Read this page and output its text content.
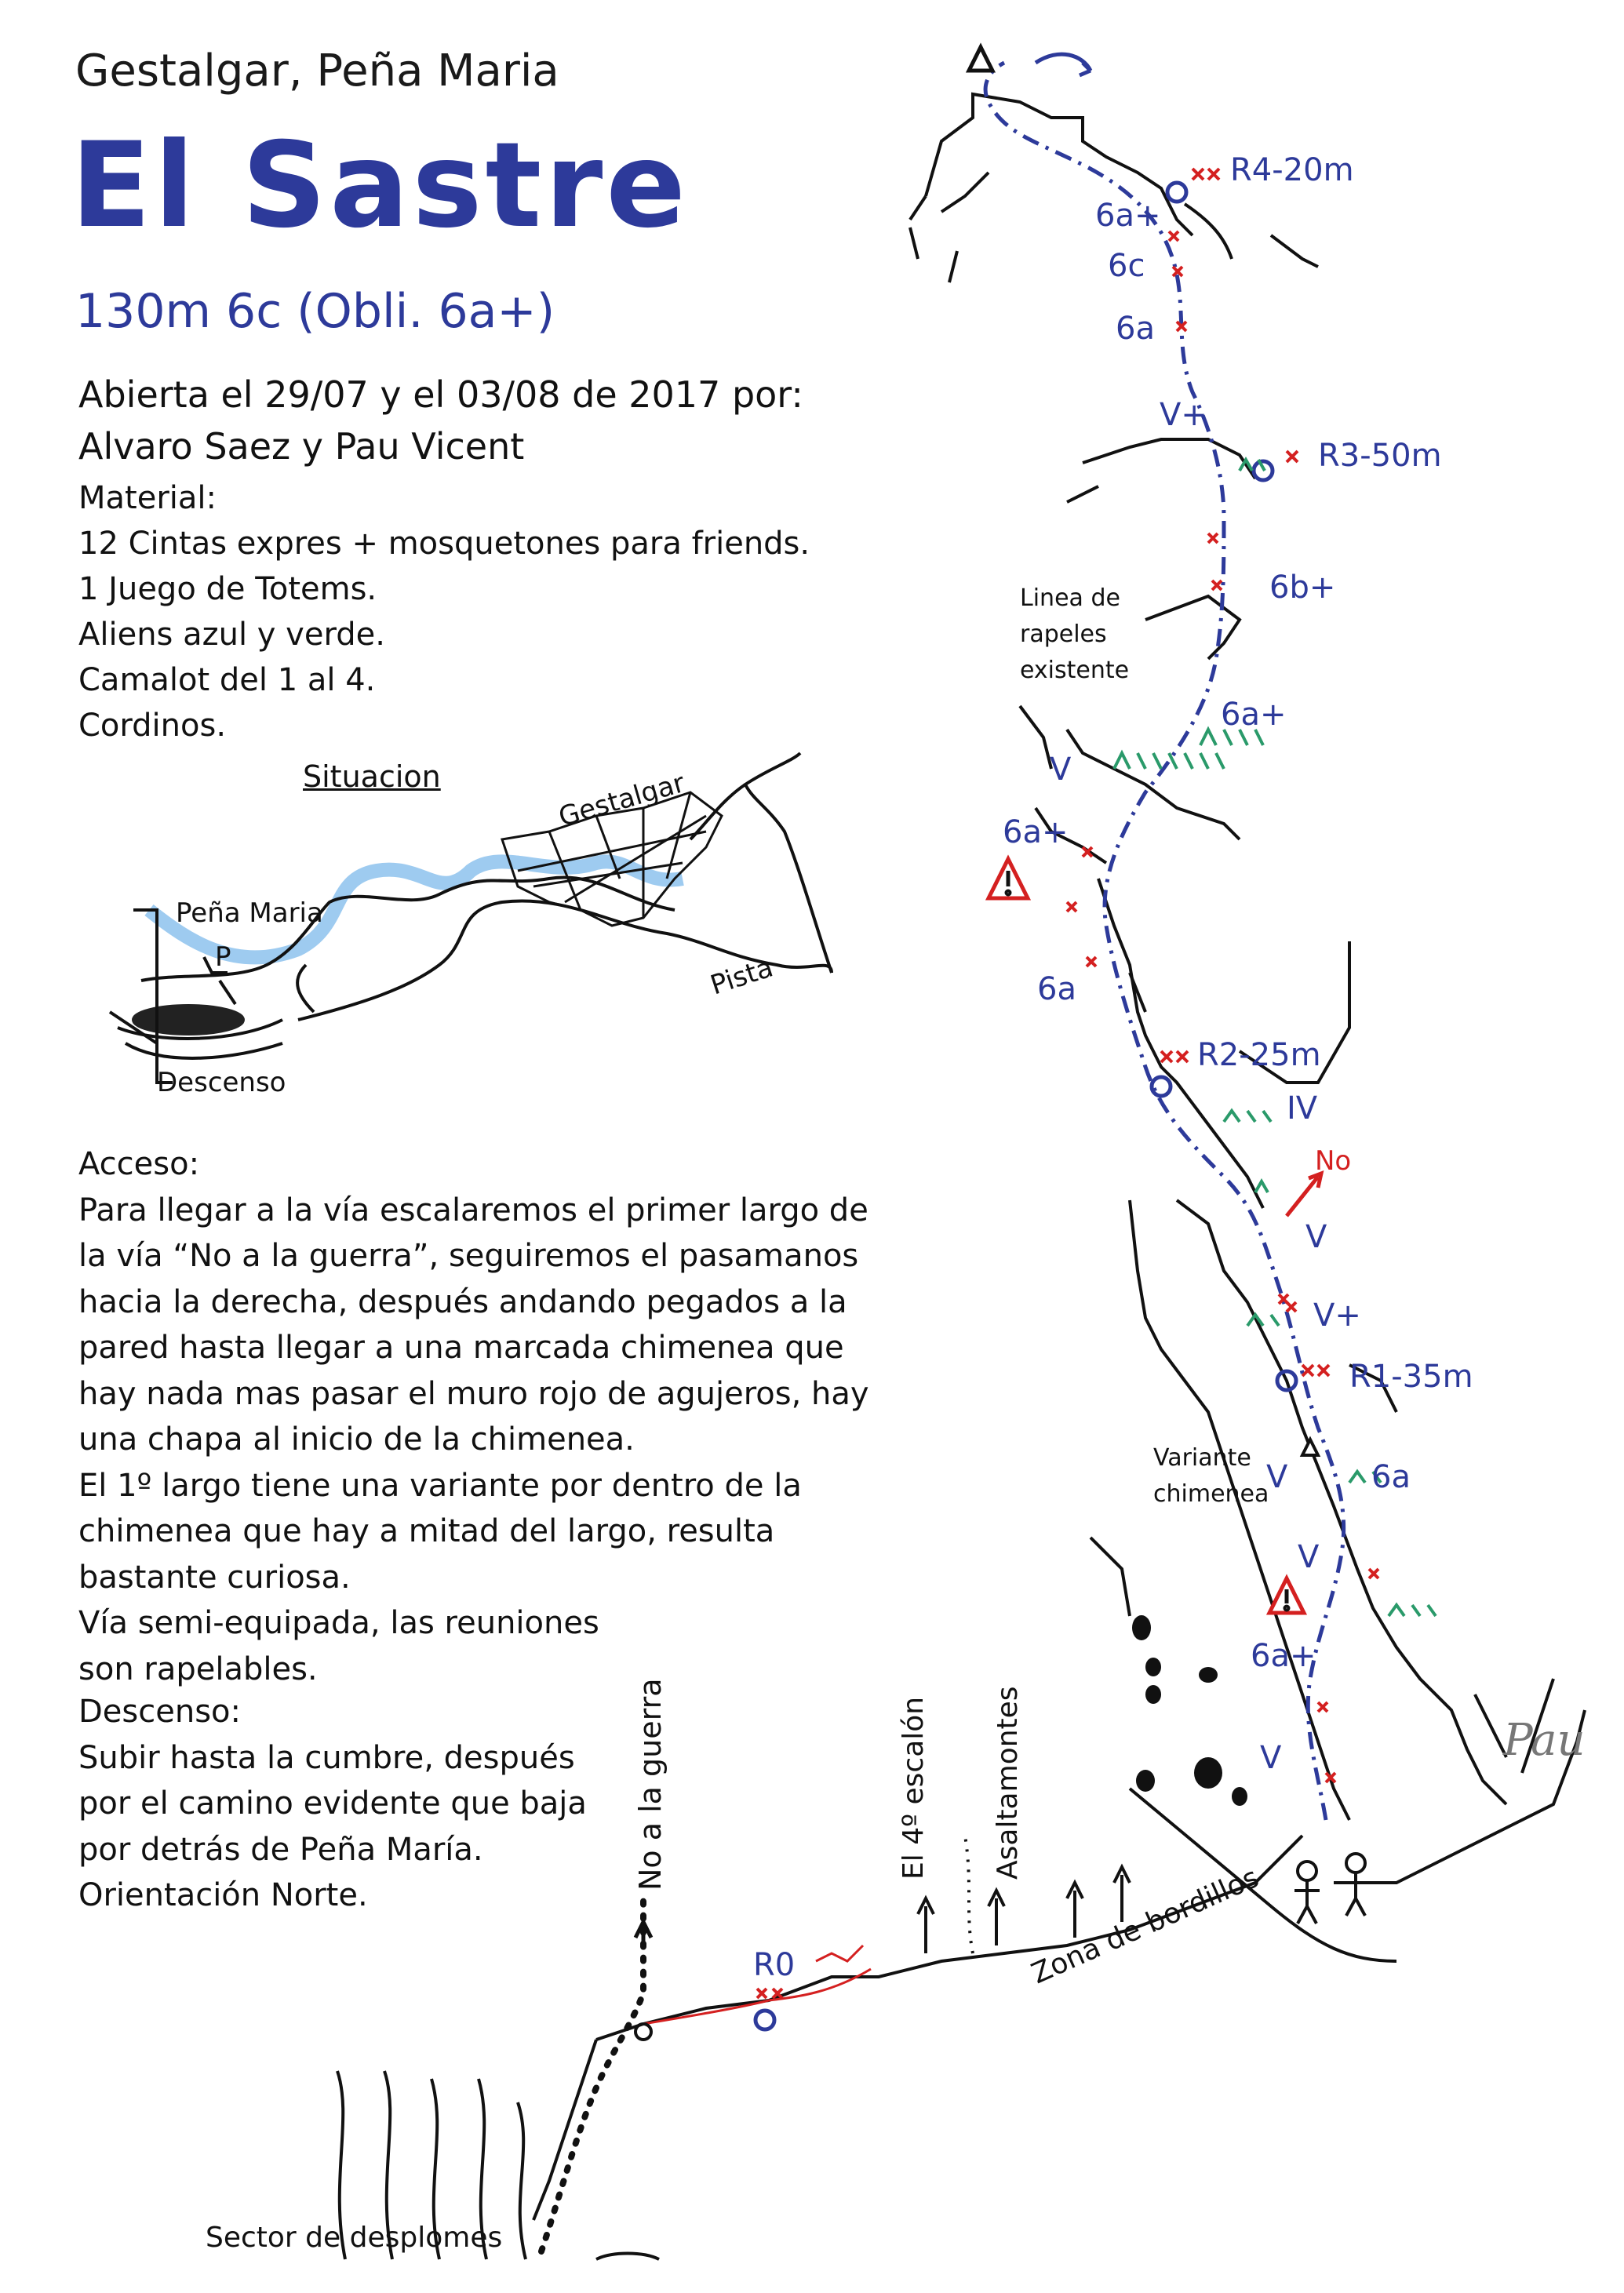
Gestalgar, Peña Maria
El Sastre
130m 6c (Obli. 6a+)
Abierta el 29/07 y el 03/08 de 2017 por:
Alvaro Saez y Pau Vicent
Material:
12 Cintas expres + mosquetones para friends.
1 Juego de Totems.
Aliens azul y verde.
Camalot del 1 al 4.
Cordinos.
Situacion	Gestalgar
Peña Maria
P
Descenso
Pista
Acceso:
Para llegar a la vía escalaremos el primer largo de
la vía “No a la guerra”, seguiremos el pasamanos
hacia la derecha, después andando pegados a la
pared hasta llegar a una marcada chimenea que
hay nada mas pasar el muro rojo de agujeros, hay
una chapa al inicio de la chimenea.
El 1º largo tiene una variante por dentro de la
chimenea que hay a mitad del largo, resulta
bastante curiosa.
Vía semi-equipada, las reuniones
son rapelables.
Descenso:
Subir hasta la cumbre, después
por el camino evidente que baja
por detrás de Peña María.
Orientación Norte.
R4-20m
R3-50m
R2-25m
R1-35m
R0
6a+
6c
6a
V+
6b+
6a+
V
6a+
6a
IV
V
V+
V	6a
V
6a+
V
Linea de
rapeles
existente
Variante
chimenea
No
No a la guerra	El 4º escalón Asaltamontes
Zona de bordillos
Sector de desplomes
Pau
